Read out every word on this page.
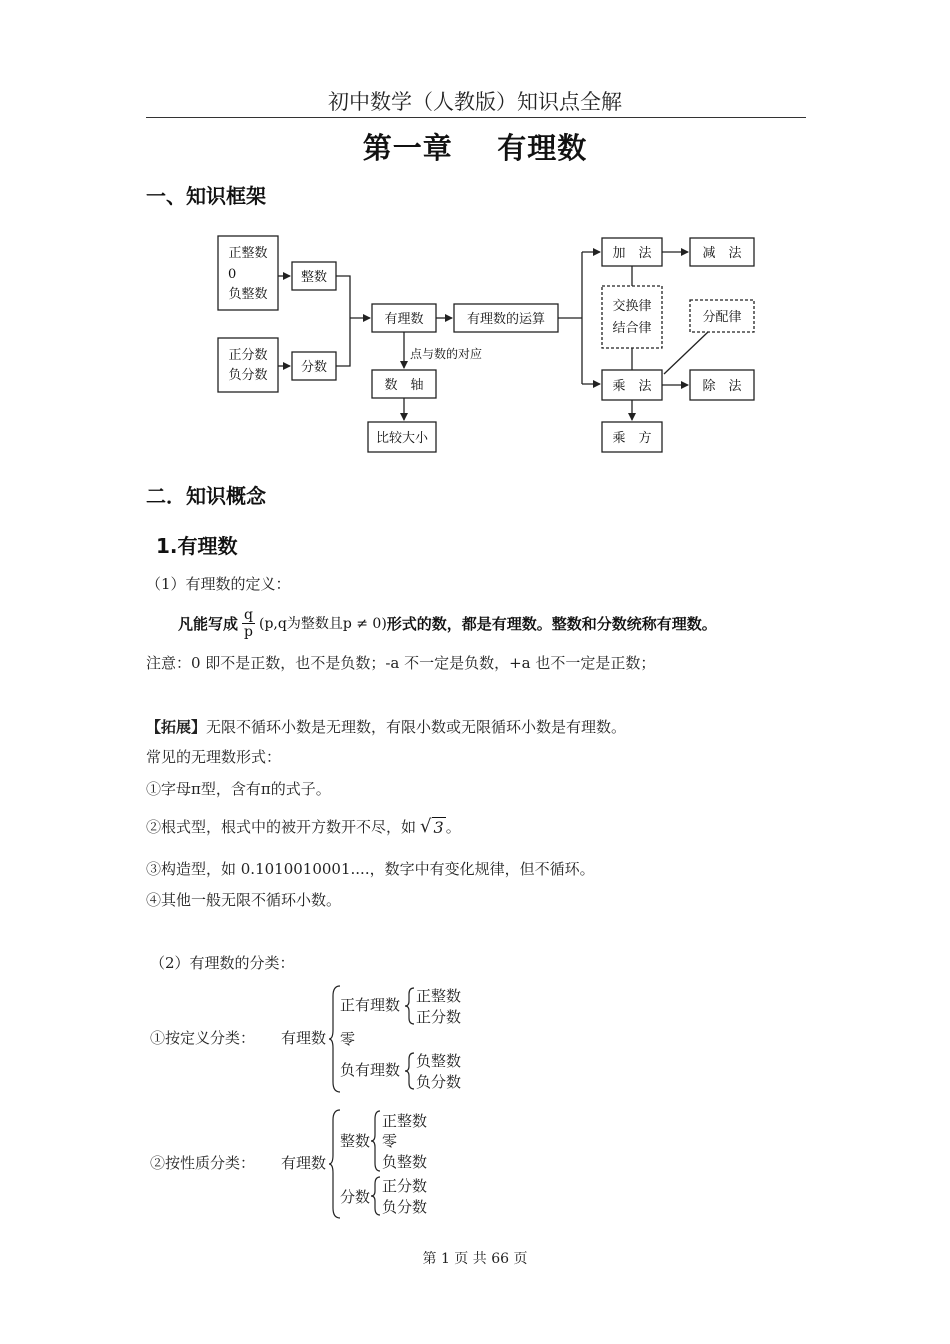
初中数学（人教版）知识点全解
第一章 有理数
一、知识框架
正整数
0
负整数
整数
正分数
负分数
分数
有理数	有理数的运算
点与数的对应
数　轴
比较大小
加　法	减　法
交换律
结合律
分配律
乘　法	除　法
乘　方
二．知识概念
1.有理数
（1）有理数的定义：
凡能写成 $\frac{q}{p} (p,q$为整数且p ≠ 0) 形式的数，都是有理数。整数和分数统称有理数。
注意：0 即不是正数，也不是负数；-a 不一定是负数，+a 也不一定是正数；
【拓展】无限不循环小数是无理数，有限小数或无限循环小数是有理数。
常见的无理数形式：
①字母π型，含有π的式子。
②根式型，根式中的被开方数开不尽，如 √ 3 。
③构造型，如 0.1010010001....，数字中有变化规律，但不循环。
④其他一般无限不循环小数。
（2）有理数的分类：
①按定义分类： 有理数
正有理数 正整数
正分数
零
负有理数 负整数
负分数
②按性质分类： 有理数
整数
正整数
零
负整数
分数
正分数
负分数
第 1 页 共 66 页
